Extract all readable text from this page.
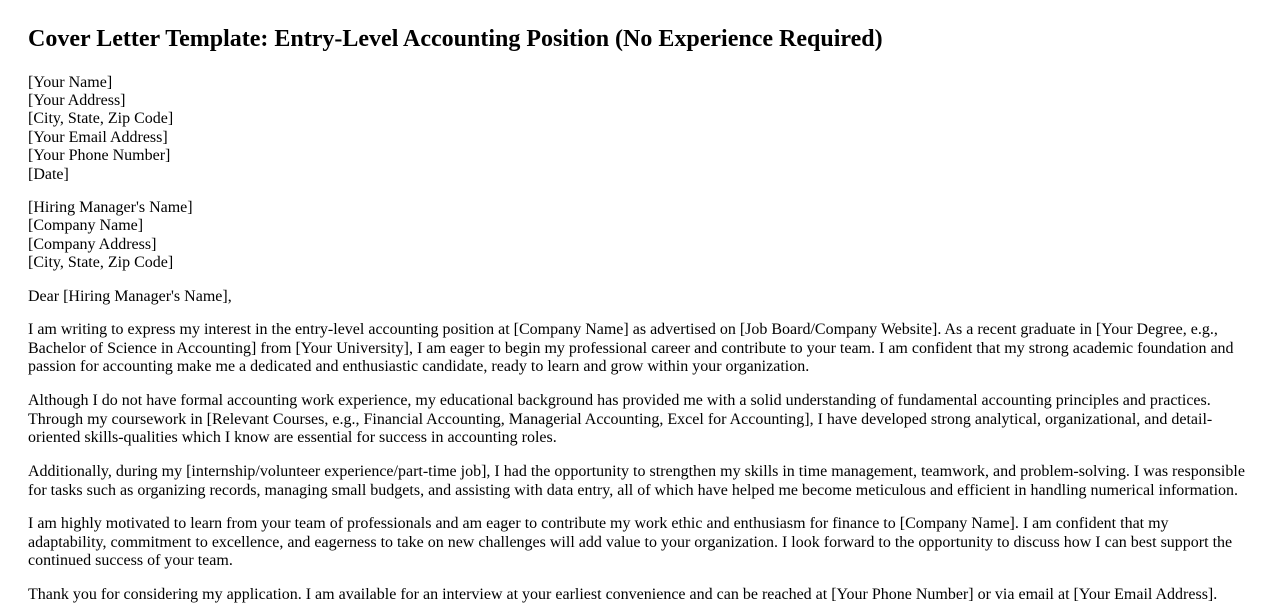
Cover Letter Template: Entry-Level Accounting Position (No Experience Required)
[Your Name]
[Your Address]
[City, State, Zip Code]
[Your Email Address]
[Your Phone Number]
[Date]
[Hiring Manager's Name]
[Company Name]
[Company Address]
[City, State, Zip Code]

Dear [Hiring Manager's Name],

I am writing to express my interest in the entry-level accounting position at [Company Name] as advertised on [Job Board/Company Website]. As a recent graduate in [Your Degree, e.g., Bachelor of Science in Accounting] from [Your University], I am eager to begin my professional career and contribute to your team. I am confident that my strong academic foundation and passion for accounting make me a dedicated and enthusiastic candidate, ready to learn and grow within your organization.

Although I do not have formal accounting work experience, my educational background has provided me with a solid understanding of fundamental accounting principles and practices. Through my coursework in [Relevant Courses, e.g., Financial Accounting, Managerial Accounting, Excel for Accounting], I have developed strong analytical, organizational, and detail-oriented skills-qualities which I know are essential for success in accounting roles.

Additionally, during my [internship/volunteer experience/part-time job], I had the opportunity to strengthen my skills in time management, teamwork, and problem-solving. I was responsible for tasks such as organizing records, managing small budgets, and assisting with data entry, all of which have helped me become meticulous and efficient in handling numerical information.

I am highly motivated to learn from your team of professionals and am eager to contribute my work ethic and enthusiasm for finance to [Company Name]. I am confident that my adaptability, commitment to excellence, and eagerness to take on new challenges will add value to your organization. I look forward to the opportunity to discuss how I can best support the continued success of your team.

Thank you for considering my application. I am available for an interview at your earliest convenience and can be reached at [Your Phone Number] or via email at [Your Email Address].
